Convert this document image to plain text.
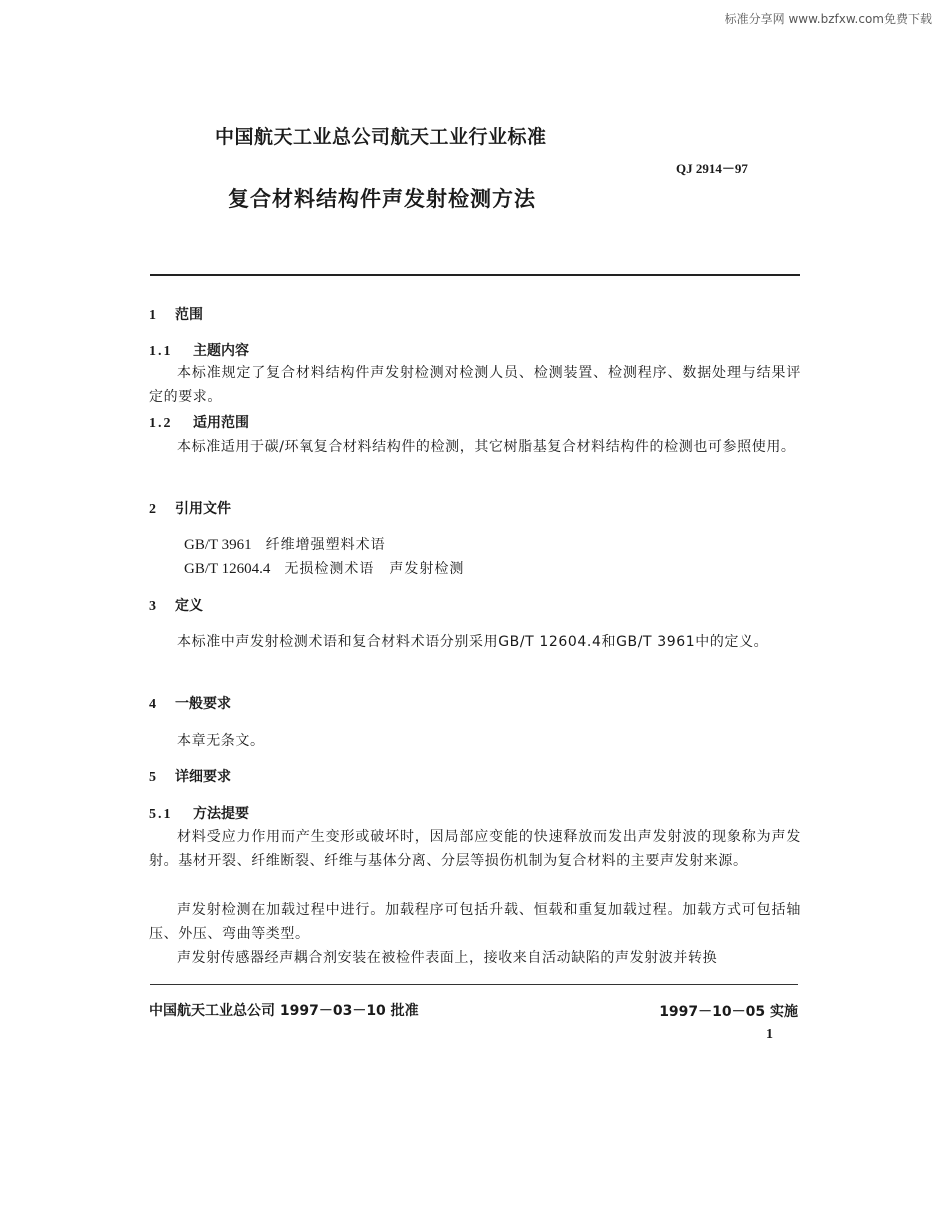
标准分享网 www.bzfxw.com免费下载
中国航天工业总公司航天工业行业标准
QJ 2914－97
复合材料结构件声发射检测方法
1 范围
1.1 主题内容
本标准规定了复合材料结构件声发射检测对检测人员、检测装置、检测程序、数据处理与结果评定的要求。
1.2 适用范围
本标准适用于碳/环氧复合材料结构件的检测，其它树脂基复合材料结构件的检测也可参照使用。
2 引用文件
GB/T 3961 纤维增强塑料术语
GB/T 12604.4 无损检测术语　声发射检测
3 定义
本标准中声发射检测术语和复合材料术语分别采用GB/T 12604.4和GB/T 3961中的定义。
4 一般要求
本章无条文。
5 详细要求
5.1 方法提要
材料受应力作用而产生变形或破坏时，因局部应变能的快速释放而发出声发射波的现象称为声发射。基材开裂、纤维断裂、纤维与基体分离、分层等损伤机制为复合材料的主要声发射来源。
声发射检测在加载过程中进行。加载程序可包括升载、恒载和重复加载过程。加载方式可包括轴压、外压、弯曲等类型。
声发射传感器经声耦合剂安装在被检件表面上，接收来自活动缺陷的声发射波并转换
中国航天工业总公司 1997－03－10 批准	1997－10－05 实施
1
